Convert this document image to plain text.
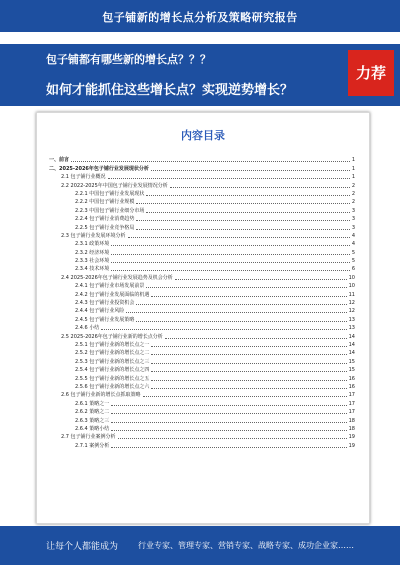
包子铺新的增长点分析及策略研究报告
包子铺都有哪些新的增长点？？？
如何才能抓住这些增长点？实现逆势增长？
力荐
内容目录
一、前言	1
二、2025-2026年包子铺行业发展现状分析	1
2.1 包子铺行业概况	1
2.2 2022-2025年中国包子铺行业发展情况分析	2
2.2.1 中国包子铺行业发展现状	2
2.2.2 中国包子铺行业规模	2
2.2.3 中国包子铺行业细分市场	3
2.2.4 包子铺行业消费趋势	3
2.2.5 包子铺行业竞争格局	3
2.3 包子铺行业发展环境分析	4
2.3.1 政策环境	4
2.3.2 经济环境	5
2.3.3 社会环境	5
2.3.4 技术环境	6
2.4 2025-2026年包子铺行业发展趋势及机会分析	10
2.4.1 包子铺行业市场发展前景	10
2.4.2 包子铺行业发展面临的机遇	11
2.4.3 包子铺行业投资机会	12
2.4.4 包子铺行业风险	12
2.4.5 包子铺行业发展策略	13
2.4.6 小结	13
2.5 2025-2026年包子铺行业新的增长点分析	14
2.5.1 包子铺行业新的增长点之一	14
2.5.2 包子铺行业新的增长点之二	14
2.5.3 包子铺行业新的增长点之三	15
2.5.4 包子铺行业新的增长点之四	15
2.5.5 包子铺行业新的增长点之五	16
2.5.6 包子铺行业新的增长点之六	16
2.6 包子铺行业新的增长点抓取策略	17
2.6.1 策略之一	17
2.6.2 策略之二	17
2.6.3 策略之三	18
2.6.4 策略小结	18
2.7 包子铺行业案例分析	19
2.7.1 案例分析	19
让每个人都能成为 行业专家、管理专家、营销专家、战略专家、成功企业家……
